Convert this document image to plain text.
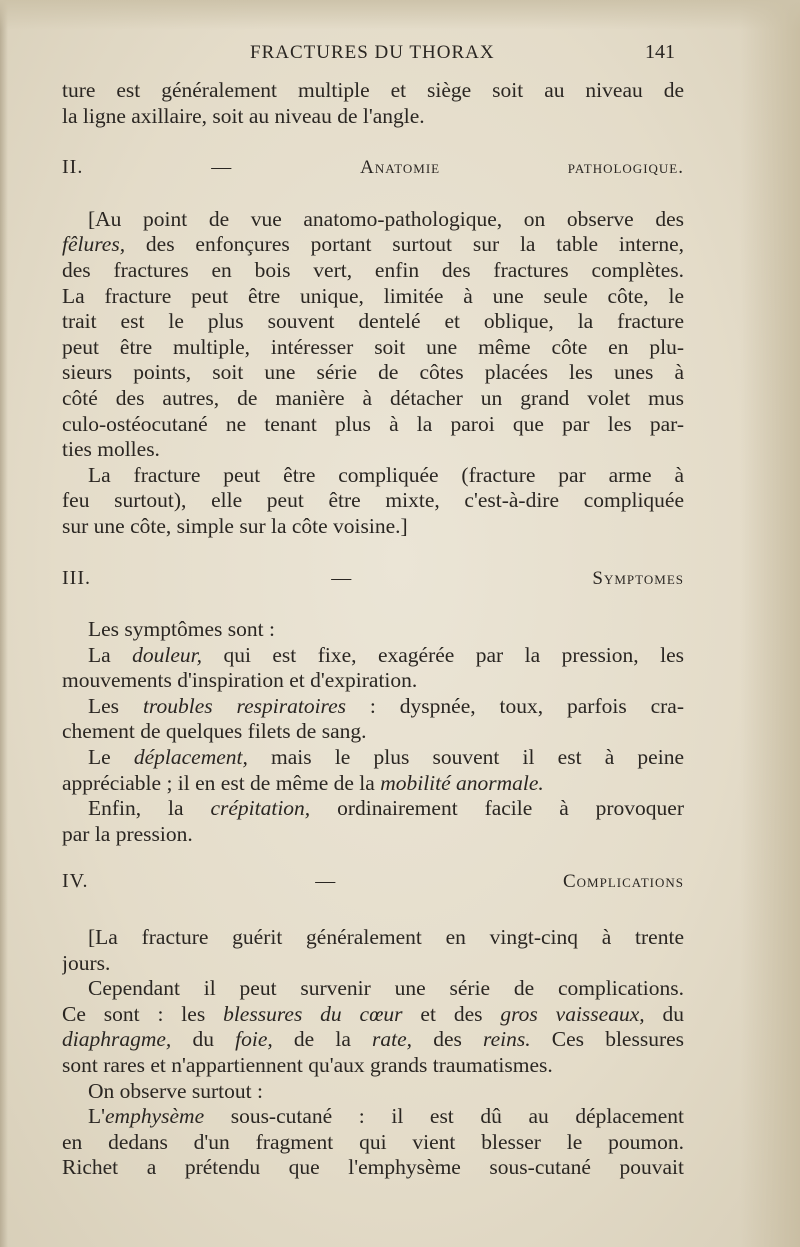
FRACTURES DU THORAX	141
ture est généralement multiple et siège soit au niveau de
la ligne axillaire, soit au niveau de l'angle.
II. — Anatomie pathologique.
[Au point de vue anatomo-pathologique, on observe des
fêlures, des enfonçures portant surtout sur la table interne,
des fractures en bois vert, enfin des fractures complètes.
La fracture peut être unique, limitée à une seule côte, le
trait est le plus souvent dentelé et oblique, la fracture
peut être multiple, intéresser soit une même côte en plu-
sieurs points, soit une série de côtes placées les unes à
côté des autres, de manière à détacher un grand volet mus
culo-ostéocutané ne tenant plus à la paroi que par les par-
ties molles.
La fracture peut être compliquée (fracture par arme à
feu surtout), elle peut être mixte, c'est-à-dire compliquée
sur une côte, simple sur la côte voisine.]
III. — Symptomes
Les symptômes sont :
La douleur, qui est fixe, exagérée par la pression, les
mouvements d'inspiration et d'expiration.
Les troubles respiratoires : dyspnée, toux, parfois cra-
chement de quelques filets de sang.
Le déplacement, mais le plus souvent il est à peine
appréciable ; il en est de même de la mobilité anormale.
Enfin, la crépitation, ordinairement facile à provoquer
par la pression.
IV. — Complications
[La fracture guérit généralement en vingt-cinq à trente
jours.
Cependant il peut survenir une série de complications.
Ce sont : les blessures du cœur et des gros vaisseaux, du
diaphragme, du foie, de la rate, des reins. Ces blessures
sont rares et n'appartiennent qu'aux grands traumatismes.
On observe surtout :
L'emphysème sous-cutané : il est dû au déplacement
en dedans d'un fragment qui vient blesser le poumon.
Richet a prétendu que l'emphysème sous-cutané pouvait
